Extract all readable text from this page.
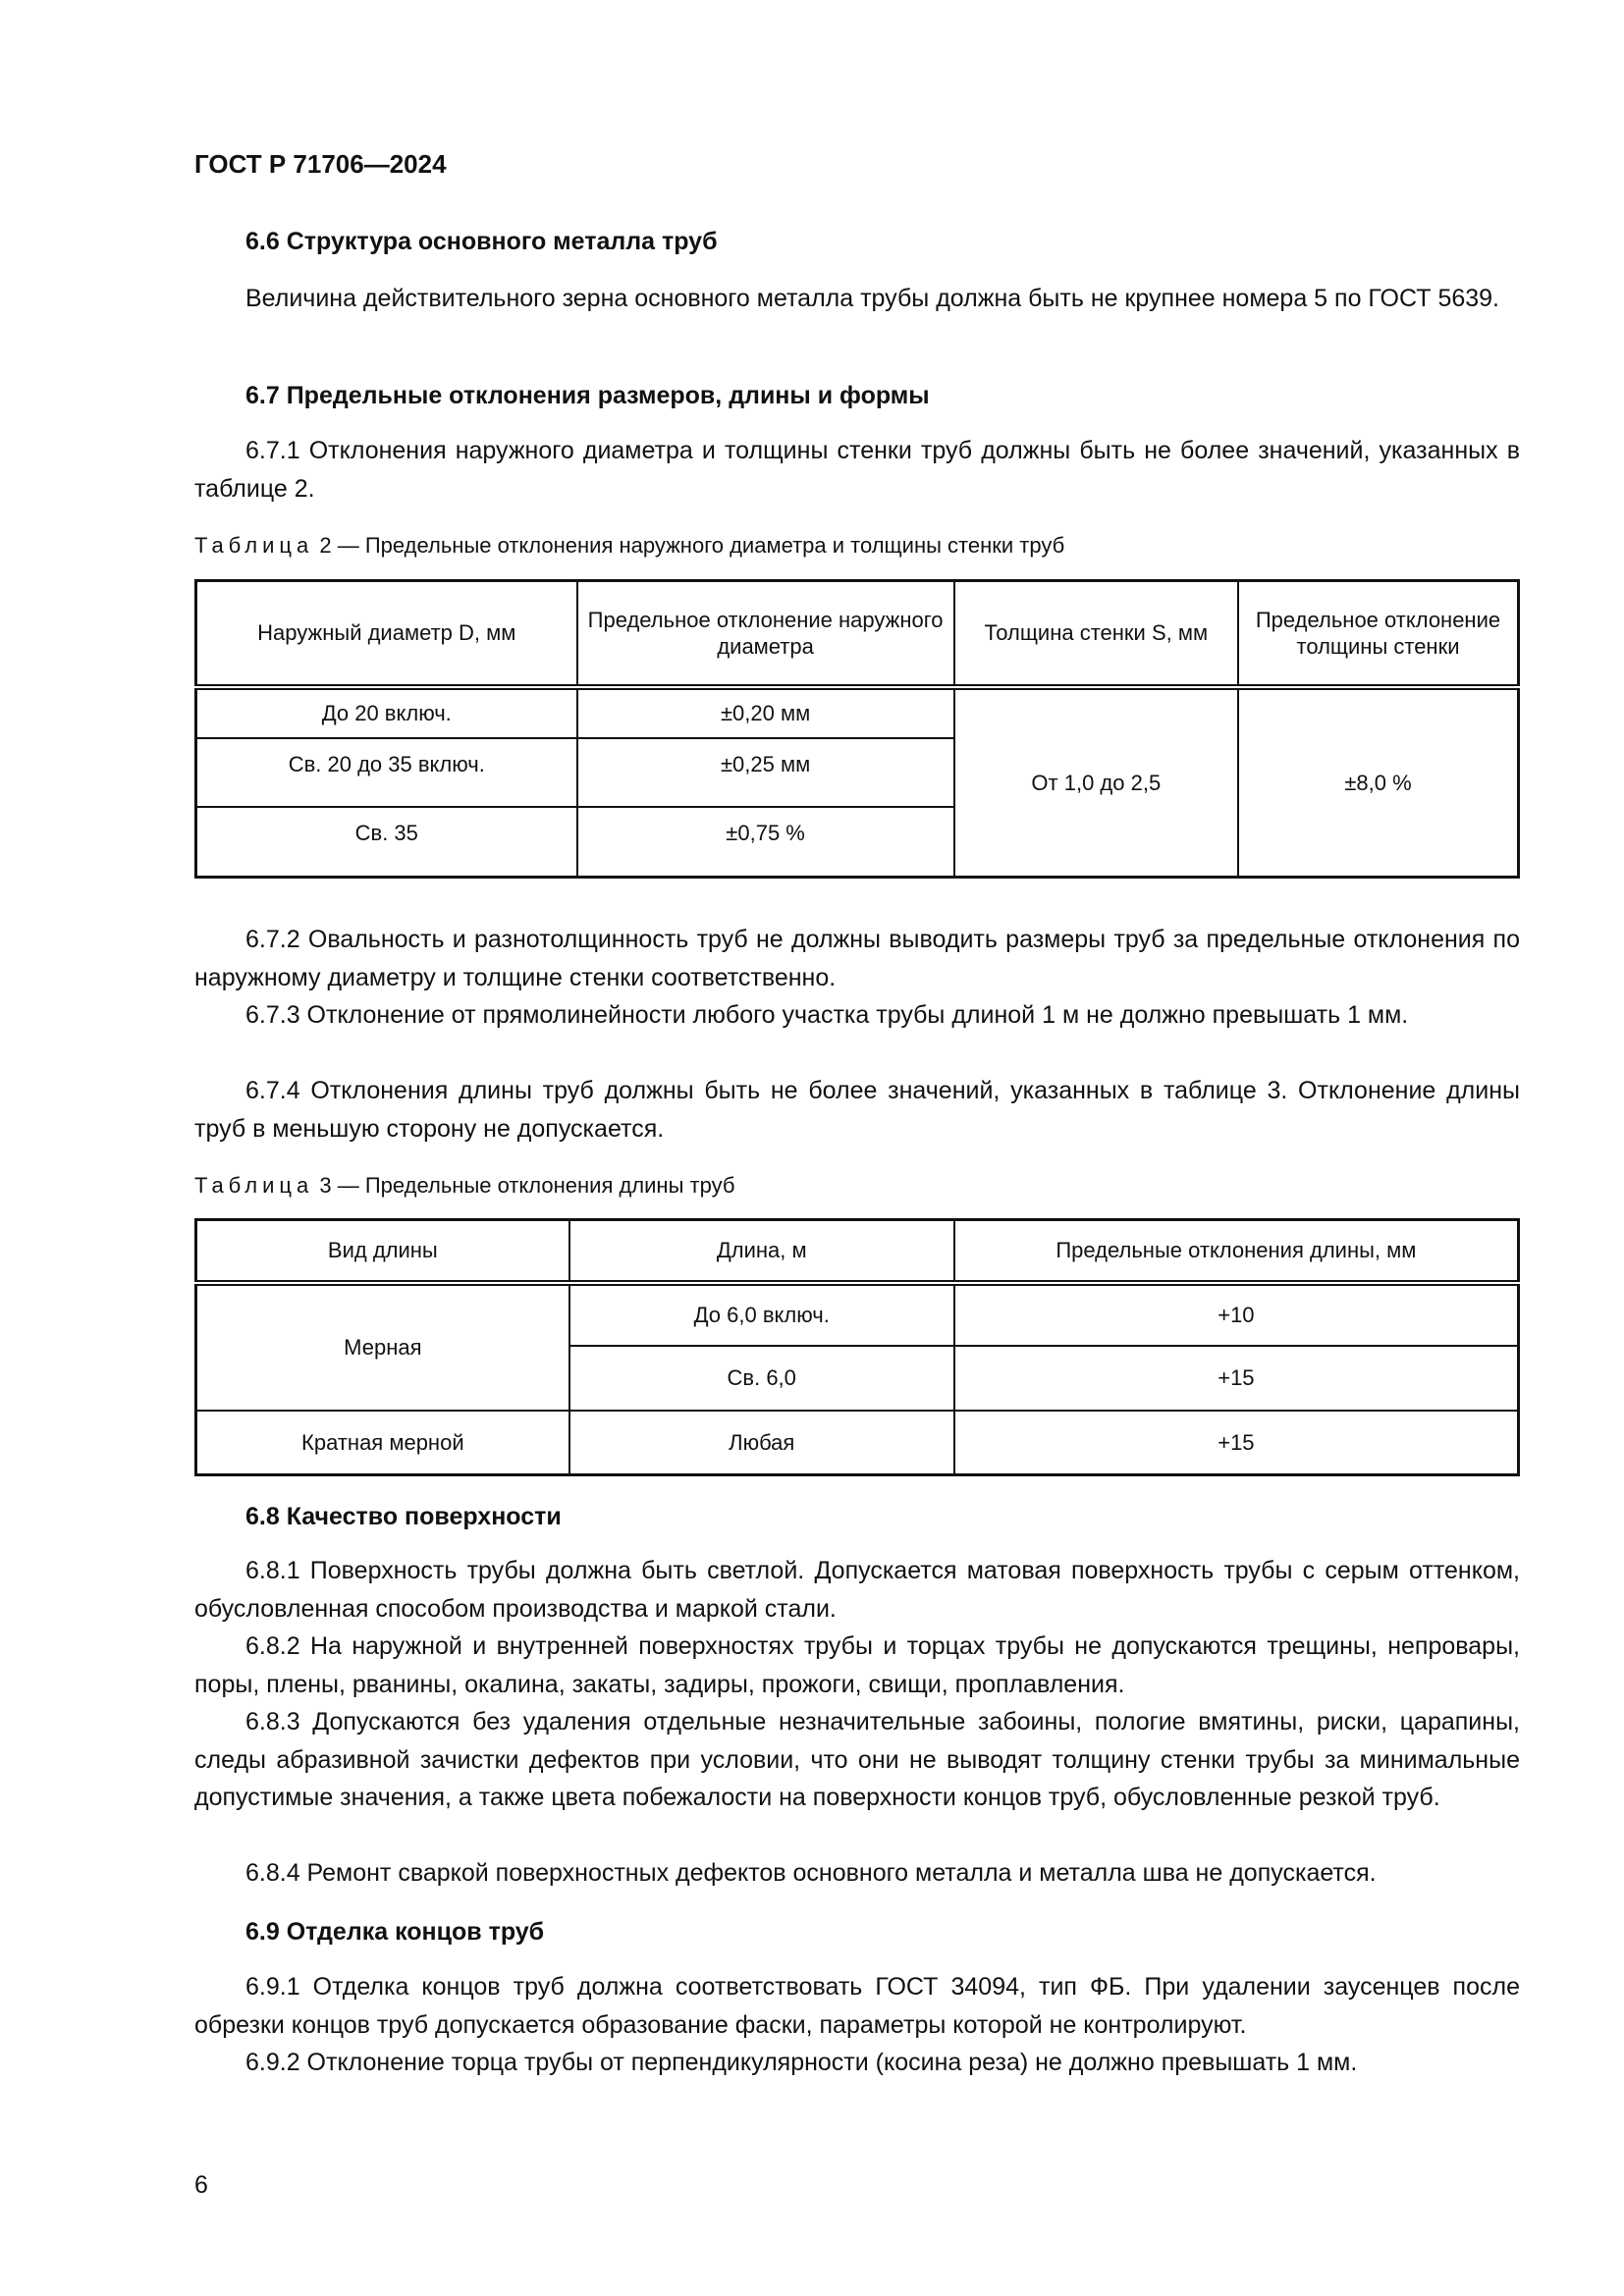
ГОСТ Р 71706—2024
6.6 Структура основного металла труб

Величина действительного зерна основного металла трубы должна быть не крупнее номера 5 по ГОСТ 5639.

6.7 Предельные отклонения размеров, длины и формы

6.7.1 Отклонения наружного диаметра и толщины стенки труб должны быть не более значений, указанных в таблице 2.

Таблица 2 — Предельные отклонения наружного диаметра и толщины стенки труб
Наружный диаметр D, мм	Предельное отклонение наружного диаметра	Толщина стенки S, мм	Предельное отклонение толщины стенки
До 20 включ.	±0,20 мм	От 1,0 до 2,5	±8,0 %
Св. 20 до 35 включ.	±0,25 мм		
Св. 35	±0,75 %		

6.7.2 Овальность и разнотолщинность труб не должны выводить размеры труб за предельные отклонения по наружному диаметру и толщине стенки соответственно.

6.7.3 Отклонение от прямолинейности любого участка трубы длиной 1 м не должно превышать 1 мм.

6.7.4 Отклонения длины труб должны быть не более значений, указанных в таблице 3. Отклонение длины труб в меньшую сторону не допускается.

Таблица 3 — Предельные отклонения длины труб
Вид длины	Длина, м	Предельные отклонения длины, мм
Мерная	До 6,0 включ.	+10
	Св. 6,0	+15
Кратная мерной	Любая	+15
6.8 Качество поверхности

6.8.1 Поверхность трубы должна быть светлой. Допускается матовая поверхность трубы с серым оттенком, обусловленная способом производства и маркой стали.

6.8.2 На наружной и внутренней поверхностях трубы и торцах трубы не допускаются трещины, непровары, поры, плены, рванины, окалина, закаты, задиры, прожоги, свищи, проплавления.

6.8.3 Допускаются без удаления отдельные незначительные забоины, пологие вмятины, риски, царапины, следы абразивной зачистки дефектов при условии, что они не выводят толщину стенки трубы за минимальные допустимые значения, а также цвета побежалости на поверхности концов труб, обусловленные резкой труб.

6.8.4 Ремонт сваркой поверхностных дефектов основного металла и металла шва не допускается.

6.9 Отделка концов труб

6.9.1 Отделка концов труб должна соответствовать ГОСТ 34094, тип ФБ. При удалении заусенцев после обрезки концов труб допускается образование фаски, параметры которой не контролируют.

6.9.2 Отклонение торца трубы от перпендикулярности (косина реза) не должно превышать 1 мм.

6
